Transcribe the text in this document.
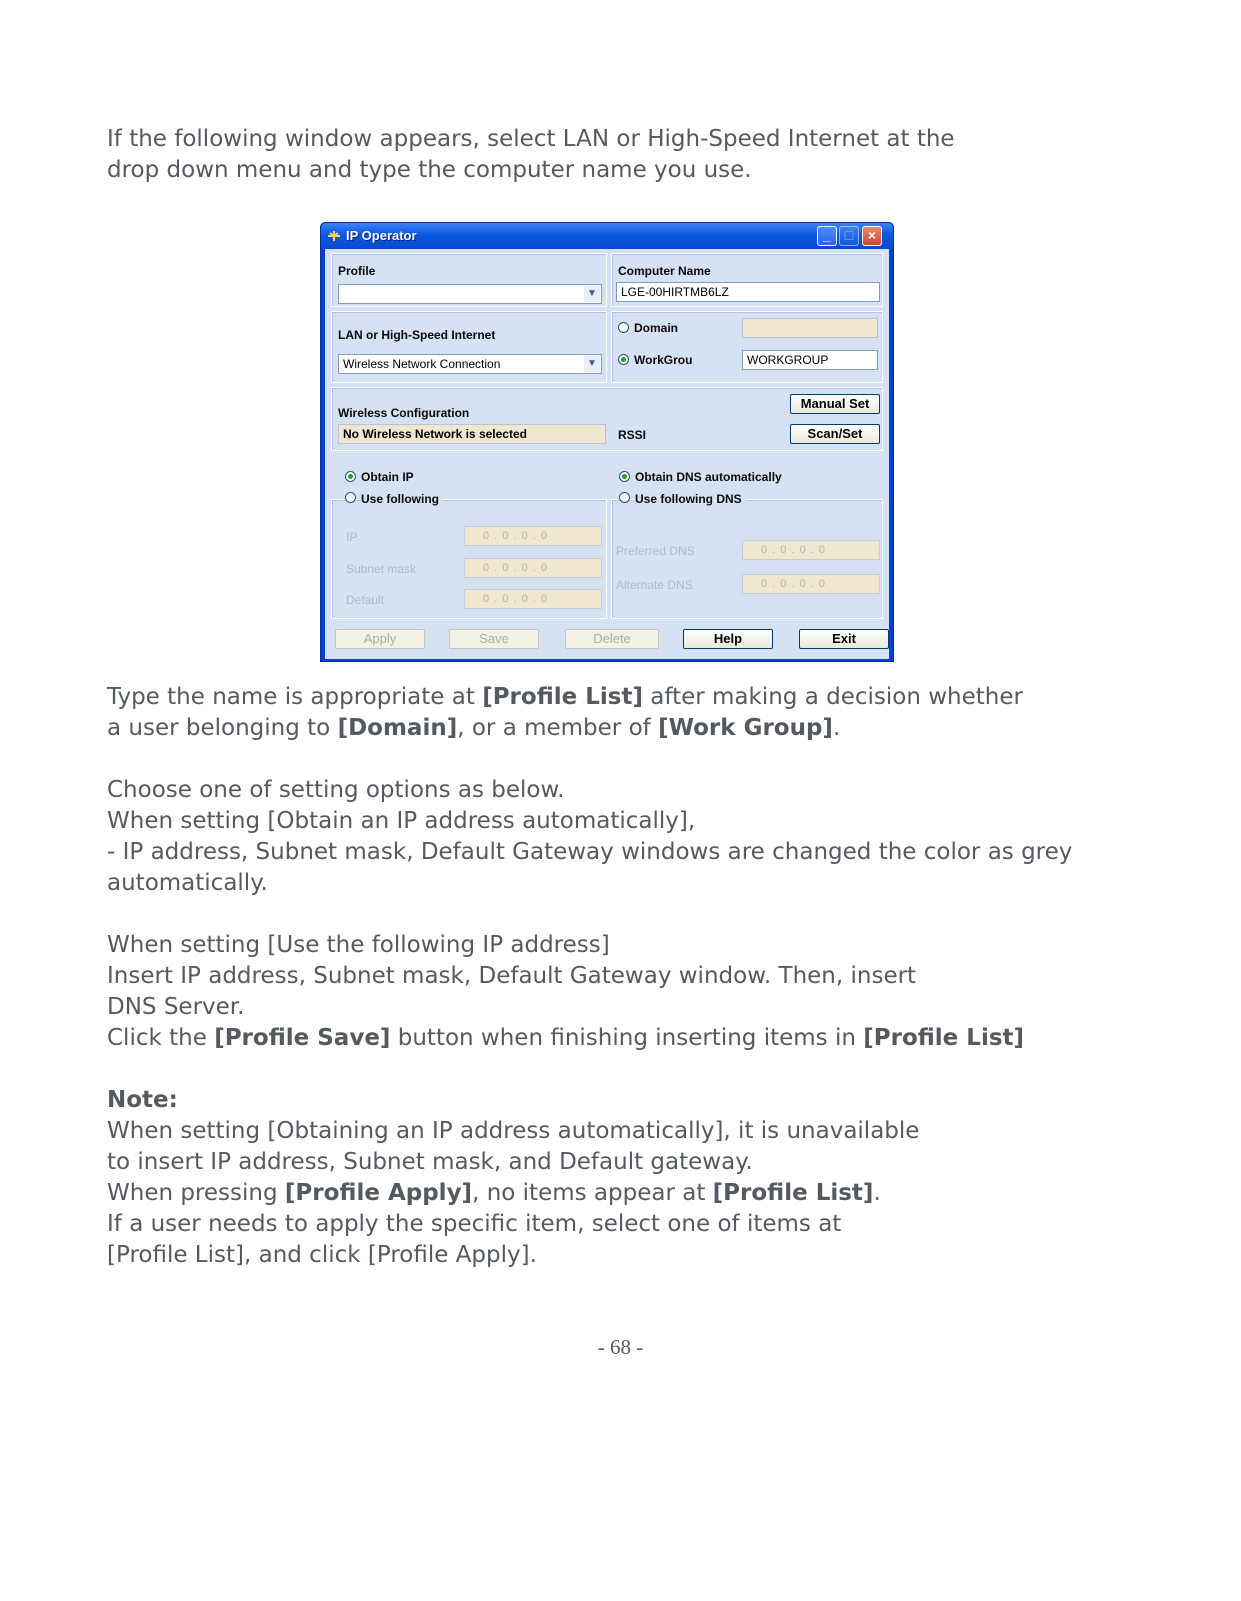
If the following window appears, select LAN or High-Speed Internet at the
drop down menu and type the computer name you use.

IP Operator	_ □	×
Profile
▼
Computer Name
LGE-00HIRTMB6LZ
LAN or High-Speed Internet
Wireless Network Connection	▼
Domain
WorkGrou	WORKGROUP
Wireless Configuration
No Wireless Network is selected	RSSI
Manual Set
Scan/Set
Obtain IP
IP	0 . 0 . 0 . 0
Subnet mask	0 . 0 . 0 . 0
Default	0 . 0 . 0 . 0
Use following
Obtain DNS automatically
Preferred DNS	0 . 0 . 0 . 0
Alternate DNS	0 . 0 . 0 . 0
Use following DNS
Apply	Save	Delete	Help	Exit

Type the name is appropriate at [Profile List] after making a decision whether
a user belonging to [Domain], or a member of [Work Group].

Choose one of setting options as below.
When setting [Obtain an IP address automatically],
- IP address, Subnet mask, Default Gateway windows are changed the color as grey
automatically.

When setting [Use the following IP address]
Insert IP address, Subnet mask, Default Gateway window. Then, insert
DNS Server.
Click the [Profile Save] button when finishing inserting items in [Profile List]

Note:
When setting [Obtaining an IP address automatically], it is unavailable
to insert IP address, Subnet mask, and Default gateway.
When pressing [Profile Apply], no items appear at [Profile List].
If a user needs to apply the specific item, select one of items at
[Profile List], and click [Profile Apply].

- 68 -
